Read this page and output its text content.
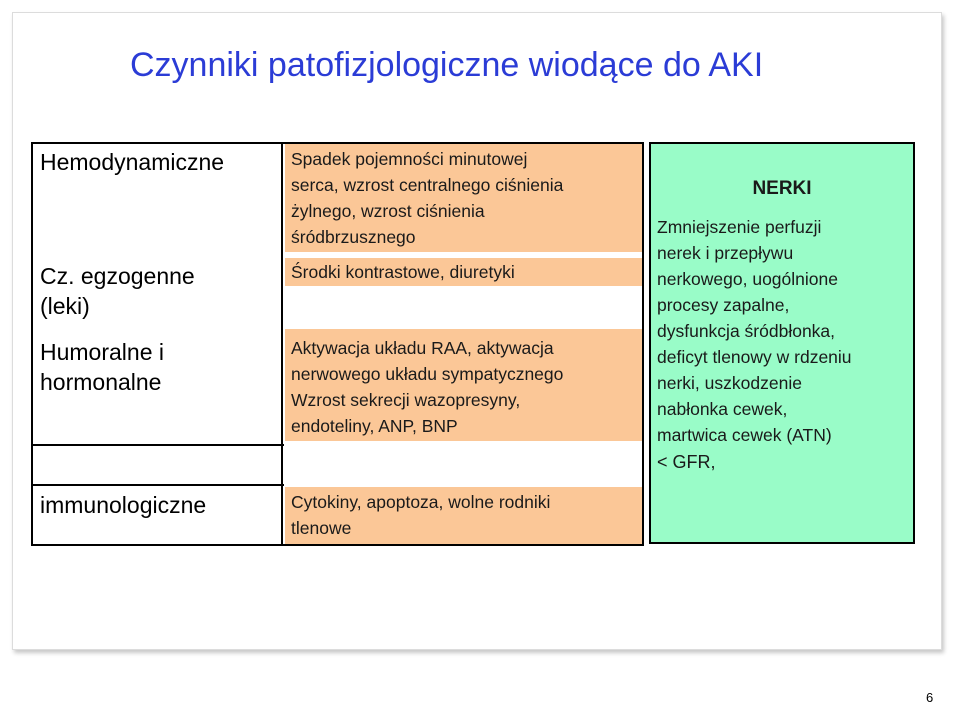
Czynniki patofizjologiczne wiodące do AKI
Hemodynamiczne
Cz. egzogenne
(leki)
Humoralne i
hormonalne
immunologiczne
Spadek pojemności minutowej
serca, wzrost centralnego ciśnienia
żylnego, wzrost ciśnienia
śródbrzusznego
Środki kontrastowe, diuretyki
Aktywacja układu RAA, aktywacja
nerwowego układu sympatycznego
Wzrost sekrecji wazopresyny,
endoteliny, ANP, BNP
Cytokiny, apoptoza, wolne rodniki
tlenowe
NERKI
Zmniejszenie perfuzji
nerek i przepływu
nerkowego, uogólnione
procesy zapalne,
dysfunkcja śródbłonka,
deficyt tlenowy w rdzeniu
nerki, uszkodzenie
nabłonka cewek,
martwica cewek (ATN)
< GFR,
6
